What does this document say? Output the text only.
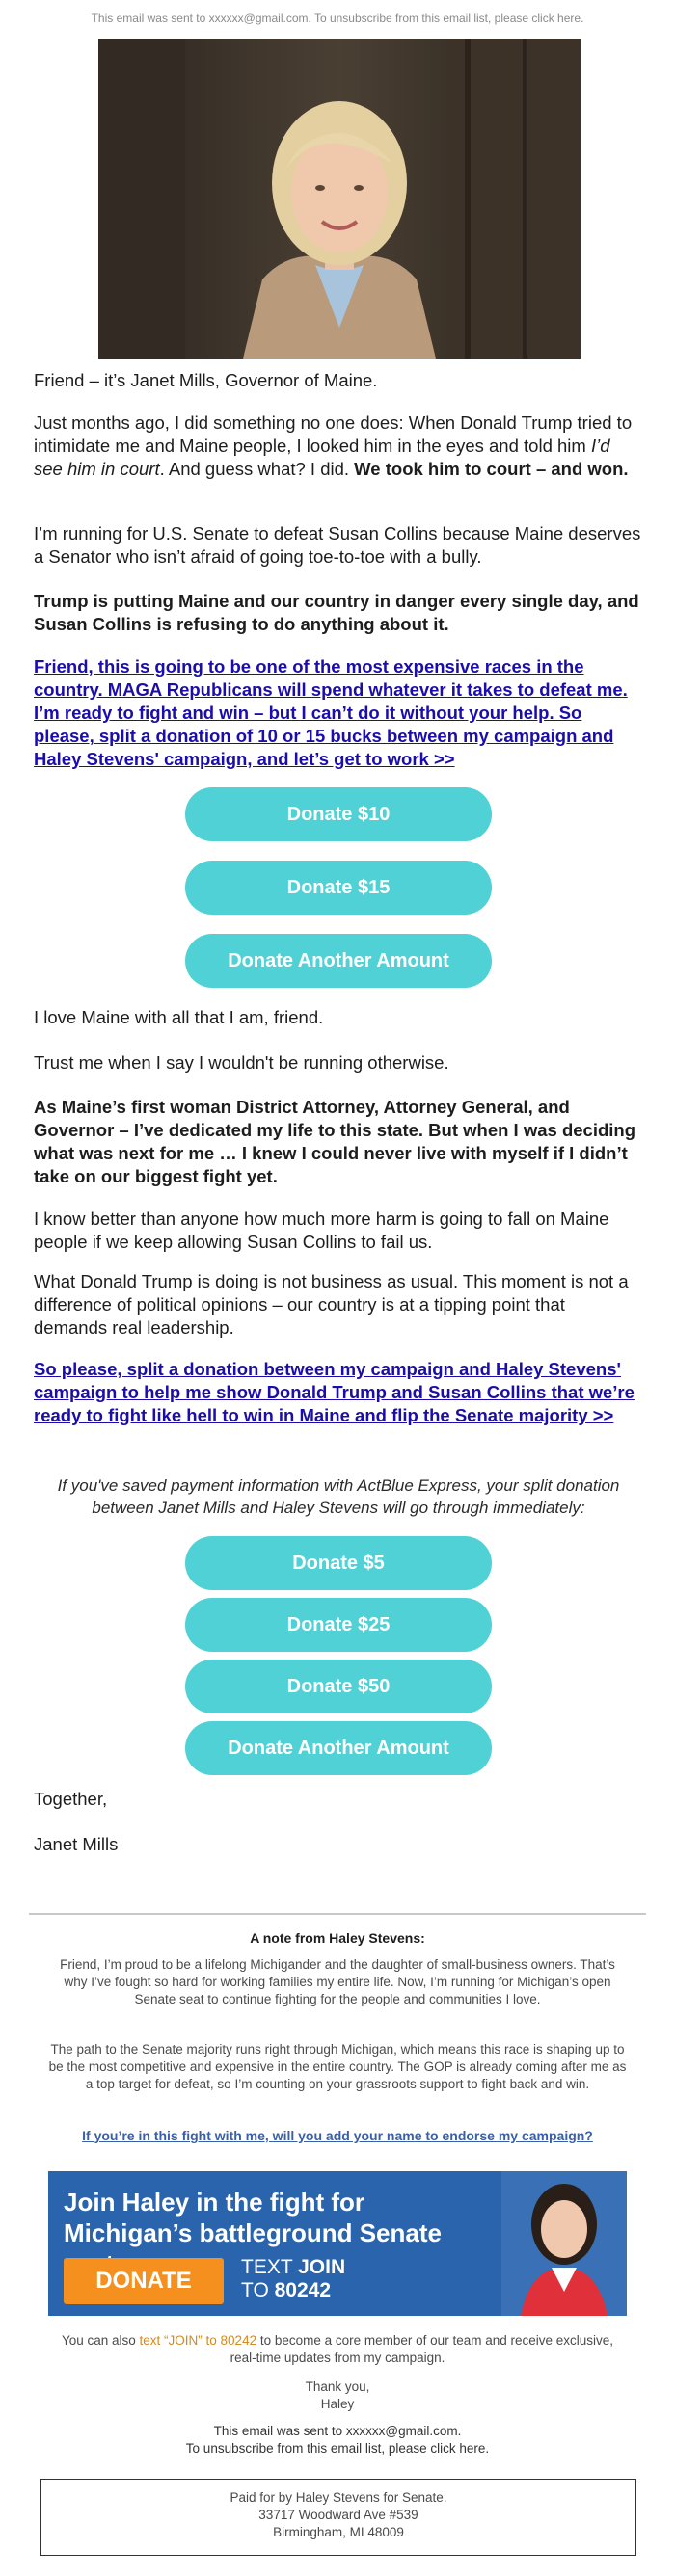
This email was sent to xxxxxx@gmail.com. To unsubscribe from this email list, please click here.
Friend – it’s Janet Mills, Governor of Maine.
Just months ago, I did something no one does: When Donald Trump tried to intimidate me and Maine people, I looked him in the eyes and told him I’d see him in court. And guess what? I did. We took him to court – and won.
I’m running for U.S. Senate to defeat Susan Collins because Maine deserves a Senator who isn’t afraid of going toe-to-toe with a bully.
Trump is putting Maine and our country in danger every single day, and Susan Collins is refusing to do anything about it.
Friend, this is going to be one of the most expensive races in the country. MAGA Republicans will spend whatever it takes to defeat me. I’m ready to fight and win – but I can’t do it without your help. So please, split a donation of 10 or 15 bucks between my campaign and Haley Stevens' campaign, and let’s get to work >>
Donate $10
Donate $15
Donate Another Amount
I love Maine with all that I am, friend.
Trust me when I say I wouldn't be running otherwise.
As Maine’s first woman District Attorney, Attorney General, and Governor – I’ve dedicated my life to this state. But when I was deciding what was next for me … I knew I could never live with myself if I didn’t take on our biggest fight yet.
I know better than anyone how much more harm is going to fall on Maine people if we keep allowing Susan Collins to fail us.
What Donald Trump is doing is not business as usual. This moment is not a difference of political opinions – our country is at a tipping point that demands real leadership.
So please, split a donation between my campaign and Haley Stevens' campaign to help me show Donald Trump and Susan Collins that we’re ready to fight like hell to win in Maine and flip the Senate majority >>
If you've saved payment information with ActBlue Express, your split donation between Janet Mills and Haley Stevens will go through immediately:
Donate $5
Donate $25
Donate $50
Donate Another Amount
Together,
Janet Mills
A note from Haley Stevens:
Friend, I’m proud to be a lifelong Michigander and the daughter of small-business owners. That’s why I’ve fought so hard for working families my entire life. Now, I’m running for Michigan’s open Senate seat to continue fighting for the people and communities I love.
The path to the Senate majority runs right through Michigan, which means this race is shaping up to be the most competitive and expensive in the entire country. The GOP is already coming after me as a top target for defeat, so I’m counting on your grassroots support to fight back and win.
If you’re in this fight with me, will you add your name to endorse my campaign?
Join Haley in the fight for Michigan’s battleground Senate
DONATE
TEXT JOIN
TO 80242
You can also text “JOIN” to 80242 to become a core member of our team and receive exclusive, real-time updates from my campaign.
Thank you,
Haley
This email was sent to xxxxxx@gmail.com.
To unsubscribe from this email list, please click here.
Paid for by Haley Stevens for Senate.
33717 Woodward Ave #539
Birmingham, MI 48009
